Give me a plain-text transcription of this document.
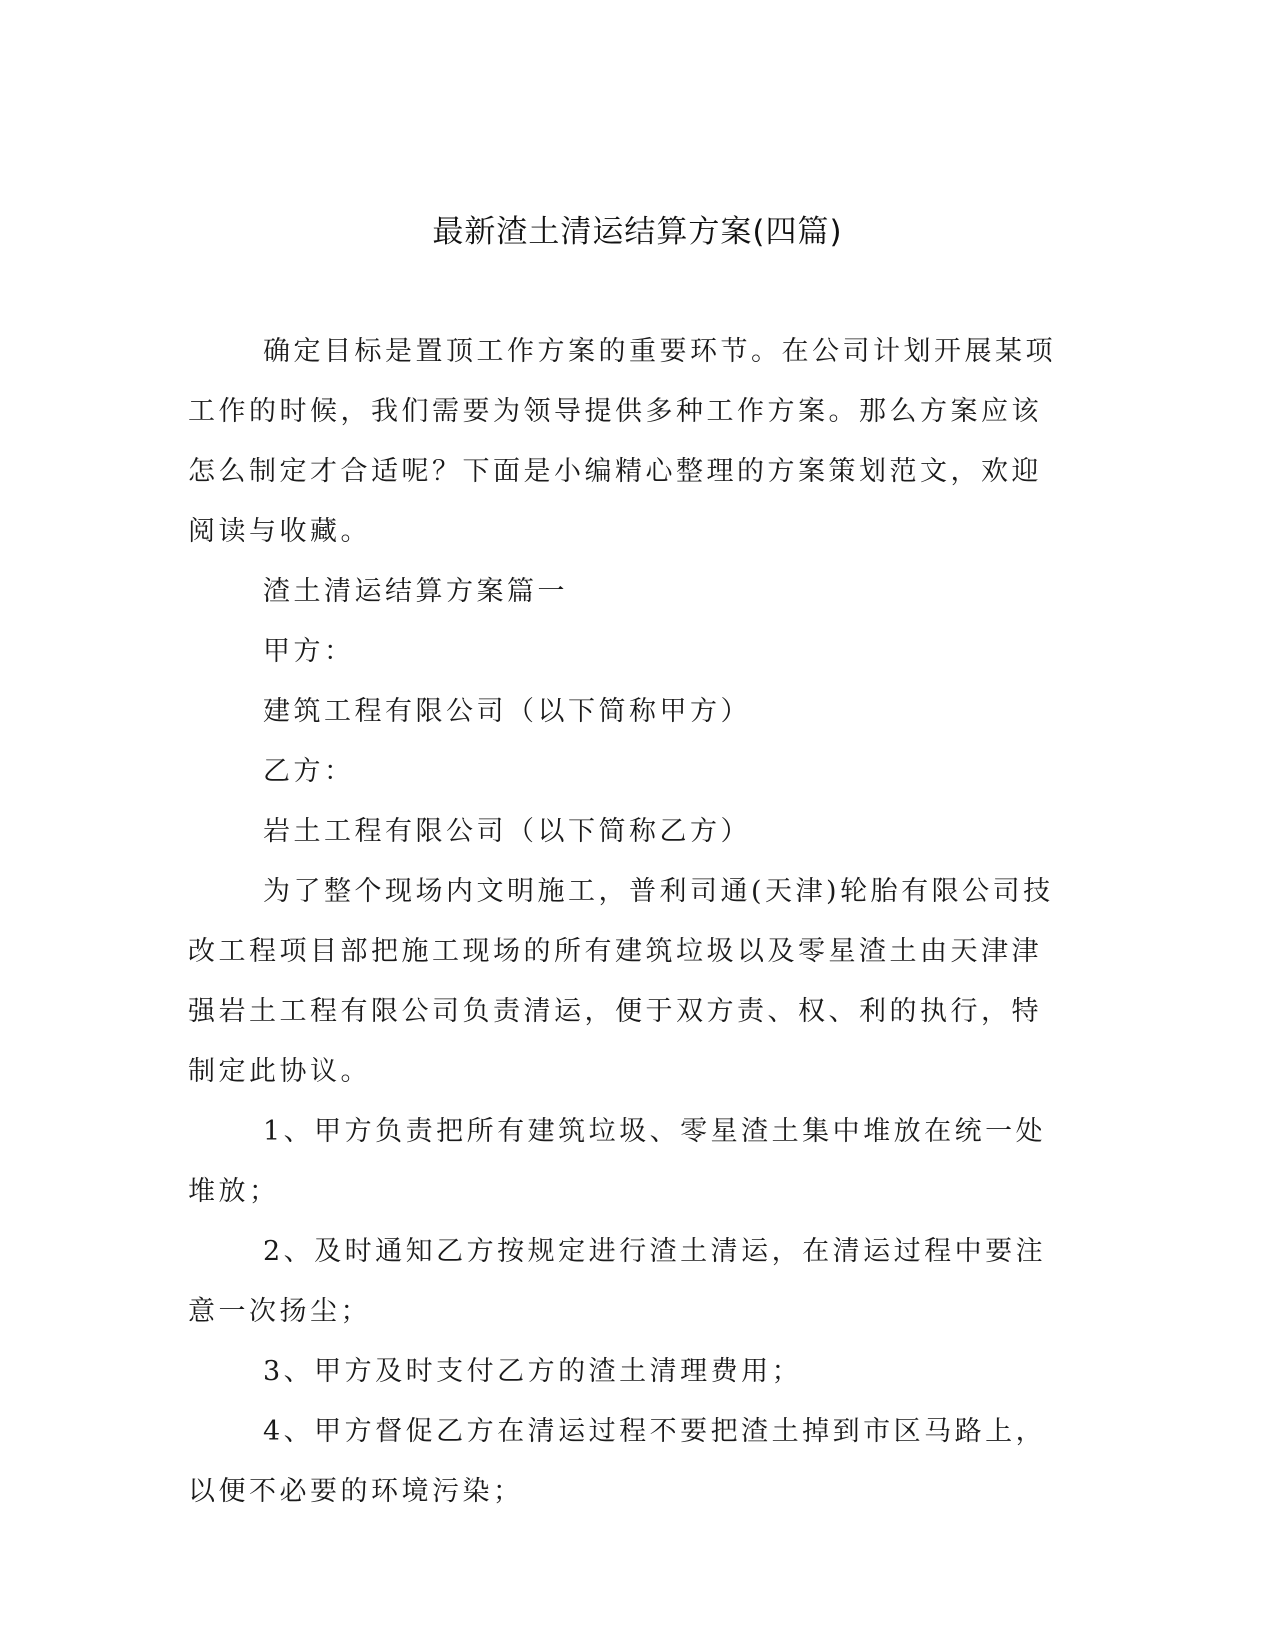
最新渣土清运结算方案(四篇)

确定目标是置顶工作方案的重要环节。在公司计划开展某项工作的时候，我们需要为领导提供多种工作方案。那么方案应该怎么制定才合适呢？下面是小编精心整理的方案策划范文，欢迎阅读与收藏。

渣土清运结算方案篇一

甲方：

建筑工程有限公司（以下简称甲方）

乙方：

岩土工程有限公司（以下简称乙方）

为了整个现场内文明施工，普利司通(天津)轮胎有限公司技改工程项目部把施工现场的所有建筑垃圾以及零星渣土由天津津强岩土工程有限公司负责清运，便于双方责、权、利的执行，特制定此协议。

1、甲方负责把所有建筑垃圾、零星渣土集中堆放在统一处堆放；

2、及时通知乙方按规定进行渣土清运，在清运过程中要注意一次扬尘；

3、甲方及时支付乙方的渣土清理费用；

4、甲方督促乙方在清运过程不要把渣土掉到市区马路上，以便不必要的环境污染；
